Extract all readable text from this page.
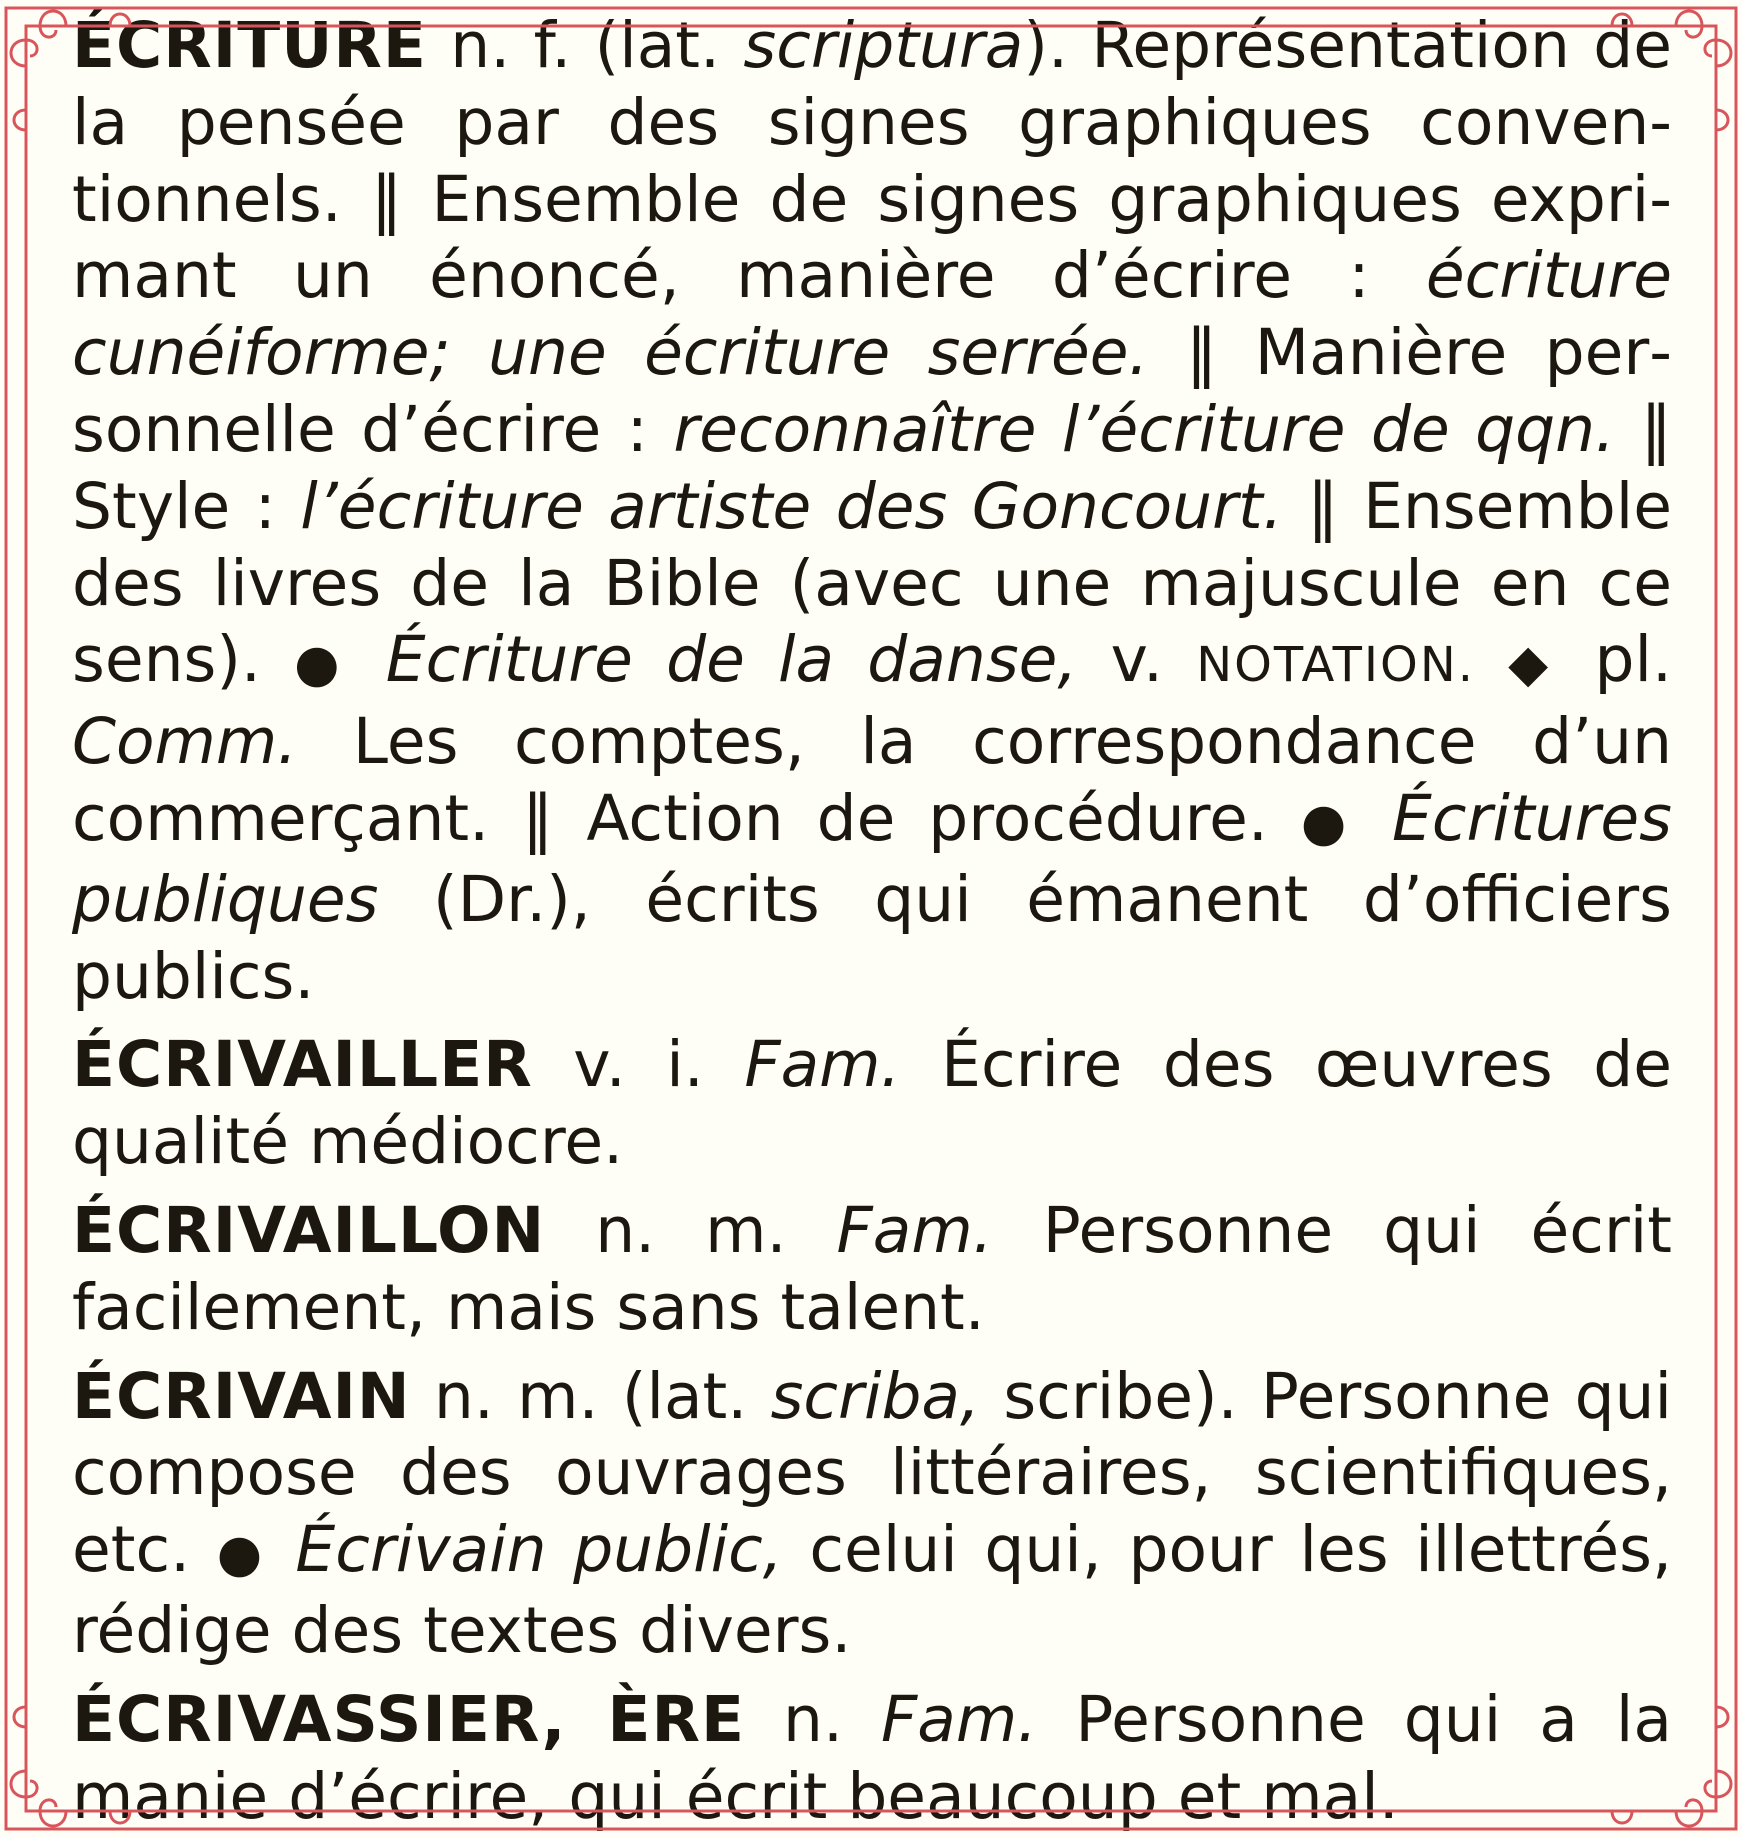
ÉCRITURE n. f. (lat. scriptura). Représentation de la pensée par des signes graphiques conventionnels. ‖ Ensemble de signes graphiques exprimant un énoncé, manière d’écrire : écriture cunéiforme; une écriture serrée. ‖ Manière personnelle d’écrire : reconnaître l’écriture de qqn. ‖ Style : l’écriture artiste des Goncourt. ‖ Ensemble des livres de la Bible (avec une majuscule en ce sens). ● Écriture de la danse, v. NOTATION. ◆ pl. Comm. Les comptes, la correspondance d’un commerçant. ‖ Action de procédure. ● Écritures publiques (Dr.), écrits qui émanent d’officiers publics.

ÉCRIVAILLER v. i. Fam. Écrire des œuvres de qualité médiocre.

ÉCRIVAILLON n. m. Fam. Personne qui écrit facilement, mais sans talent.

ÉCRIVAIN n. m. (lat. scriba, scribe). Personne qui compose des ouvrages littéraires, scientifiques, etc. ● Écrivain public, celui qui, pour les illettrés, rédige des textes divers.

ÉCRIVASSIER, ÈRE n. Fam. Personne qui a la manie d’écrire, qui écrit beaucoup et mal.
